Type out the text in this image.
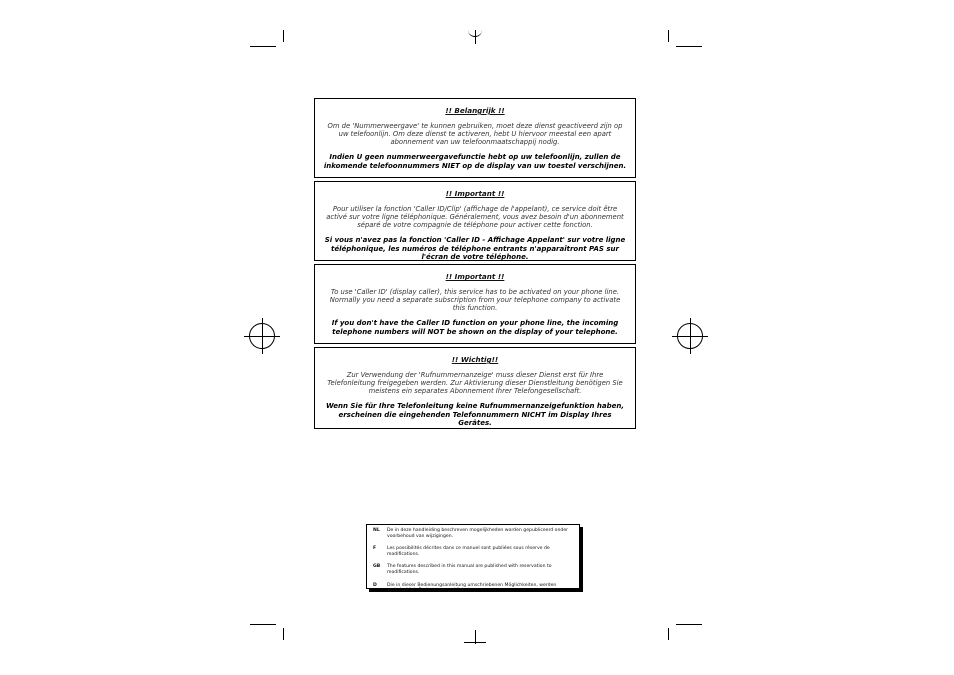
!! Belangrijk !!
Om de 'Nummerweergave' te kunnen gebruiken, moet deze dienst geactiveerd zijn op uw telefoonlijn. Om deze dienst te activeren, hebt U hiervoor meestal een apart abonnement van uw telefoonmaatschappij nodig.
Indien U geen nummerweergavefunctie hebt op uw telefoonlijn, zullen de inkomende telefoonnummers NIET op de display van uw toestel verschijnen.
!! Important !!
Pour utiliser la fonction 'Caller ID/Clip' (affichage de l'appelant), ce service doit être activé sur votre ligne téléphonique. Généralement, vous avez besoin d'un abonnement séparé de votre compagnie de téléphone pour activer cette fonction.
Si vous n'avez pas la fonction 'Caller ID - Affichage Appelant' sur votre ligne téléphonique, les numéros de téléphone entrants n'apparaîtront PAS sur l'écran de votre téléphone.
!! Important !!
To use 'Caller ID' (display caller), this service has to be activated on your phone line. Normally you need a separate subscription from your telephone company to activate this function.
If you don't have the Caller ID function on your phone line, the incoming telephone numbers will NOT be shown on the display of your telephone.
!! Wichtig!!
Zur Verwendung der 'Rufnummernanzeige' muss dieser Dienst erst für Ihre Telefonleitung freigegeben werden. Zur Aktivierung dieser Dienstleitung benötigen Sie meistens ein separates Abonnement Ihrer Telefongesellschaft.
Wenn Sie für Ihre Telefonleitung keine Rufnummernanzeigefunktion haben, erscheinen die eingehenden Telefonnummern NICHT im Display Ihres Gerätes.
NL	De in deze handleiding beschreven mogelijkheden worden gepubliceerd onder voorbehoud van wijzigingen.
F	Les possibilités décrites dans ce manuel sont publiées sous réserve de modifications.
GB	The features described in this manual are published with reservation to modifications.
D	Die in dieser Bedienungsanleitung umschriebenen Möglichkeiten, werden vorbehaltlich Änderungen publiziert.
